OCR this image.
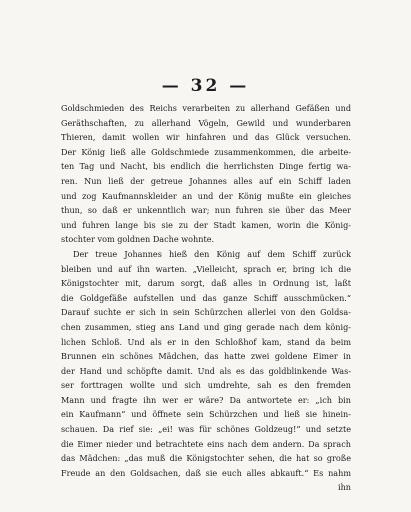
— 32 —
Goldschmieden des Reichs verarbeiten zu allerhand Gefäßen und
Geräthschaften, zu allerhand Vögeln, Gewild und wunderbaren
Thieren, damit wollen wir hinfahren und das Glück versuchen.
Der König ließ alle Goldschmiede zusammenkommen, die arbeite-
ten Tag und Nacht, bis endlich die herrlichsten Dinge fertig wa-
ren. Nun ließ der getreue Johannes alles auf ein Schiff laden
und zog Kaufmannskleider an und der König mußte ein gleiches
thun, so daß er unkenntlich war; nun fuhren sie über das Meer
und fuhren lange bis sie zu der Stadt kamen, worin die König-
stochter vom goldnen Dache wohnte.
Der treue Johannes hieß den König auf dem Schiff zurück
bleiben und auf ihn warten. „Vielleicht, sprach er, bring ich die
Königstochter mit, darum sorgt, daß alles in Ordnung ist, laßt
die Goldgefäße aufstellen und das ganze Schiff ausschmücken.“
Darauf suchte er sich in sein Schürzchen allerlei von den Goldsa-
chen zusammen, stieg ans Land und ging gerade nach dem könig-
lichen Schloß. Und als er in den Schloßhof kam, stand da beim
Brunnen ein schönes Mädchen, das hatte zwei goldene Eimer in
der Hand und schöpfte damit. Und als es das goldblinkende Was-
ser forttragen wollte und sich umdrehte, sah es den fremden
Mann und fragte ihn wer er wäre? Da antwortete er: „ich bin
ein Kaufmann“ und öffnete sein Schürzchen und ließ sie hinein-
schauen. Da rief sie: „ei! was für schönes Goldzeug!“ und setzte
die Eimer nieder und betrachtete eins nach dem andern. Da sprach
das Mädchen: „das muß die Königstochter sehen, die hat so große
Freude an den Goldsachen, daß sie euch alles abkauft.“ Es nahm
ihn
